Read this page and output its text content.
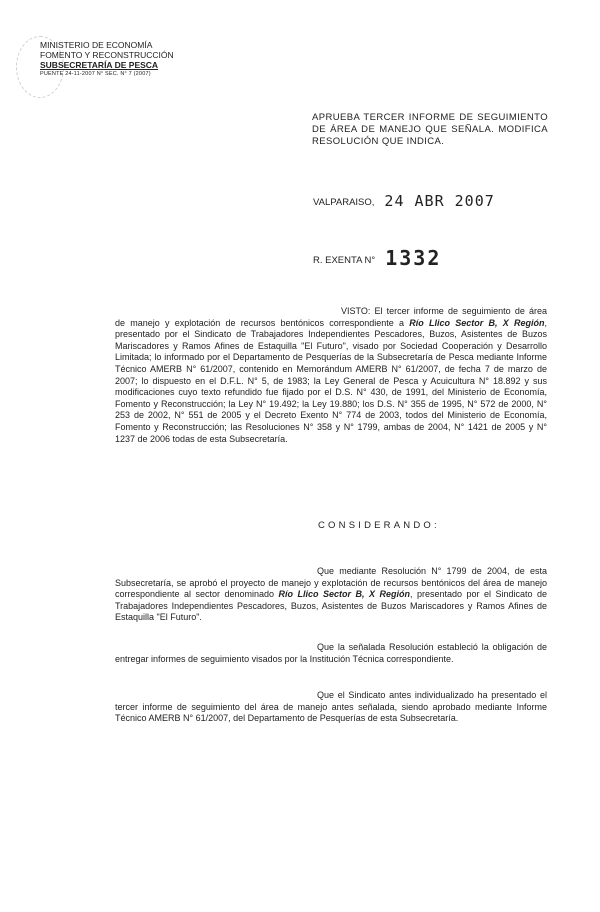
MINISTERIO DE ECONOMÍA
FOMENTO Y RECONSTRUCCIÓN
SUBSECRETARÍA DE PESCA
PUENTE 24-11-2007 N° SEC. N° 7 (2007)
APRUEBA TERCER INFORME DE SEGUIMIENTO DE ÁREA DE MANEJO QUE SEÑALA. MODIFICA RESOLUCIÓN QUE INDICA.
VALPARAISO, 24 ABR 2007
R. EXENTA N° 1332
VISTO: El tercer informe de seguimiento de área de manejo y explotación de recursos bentónicos correspondiente a Río Llico Sector B, X Región, presentado por el Sindicato de Trabajadores Independientes Pescadores, Buzos, Asistentes de Buzos Mariscadores y Ramos Afines de Estaquilla "El Futuro", visado por Sociedad Cooperación y Desarrollo Limitada; lo informado por el Departamento de Pesquerías de la Subsecretaría de Pesca mediante Informe Técnico AMERB N° 61/2007, contenido en Memorándum AMERB N° 61/2007, de fecha 7 de marzo de 2007; lo dispuesto en el D.F.L. N° 5, de 1983; la Ley General de Pesca y Acuicultura N° 18.892 y sus modificaciones cuyo texto refundido fue fijado por el D.S. N° 430, de 1991, del Ministerio de Economía, Fomento y Reconstrucción; la Ley N° 19.492; la Ley 19.880; los D.S. N° 355 de 1995, N° 572 de 2000, N° 253 de 2002, N° 551 de 2005 y el Decreto Exento N° 774 de 2003, todos del Ministerio de Economía, Fomento y Reconstrucción; las Resoluciones N° 358 y N° 1799, ambas de 2004, N° 1421 de 2005 y N° 1237 de 2006 todas de esta Subsecretaría.
CONSIDERANDO:
Que mediante Resolución N° 1799 de 2004, de esta Subsecretaría, se aprobó el proyecto de manejo y explotación de recursos bentónicos del área de manejo correspondiente al sector denominado Río Llico Sector B, X Región, presentado por el Sindicato de Trabajadores Independientes Pescadores, Buzos, Asistentes de Buzos Mariscadores y Ramos Afines de Estaquilla "El Futuro".
Que la señalada Resolución estableció la obligación de entregar informes de seguimiento visados por la Institución Técnica correspondiente.
Que el Sindicato antes individualizado ha presentado el tercer informe de seguimiento del área de manejo antes señalada, siendo aprobado mediante Informe Técnico AMERB N° 61/2007, del Departamento de Pesquerías de esta Subsecretaría.
